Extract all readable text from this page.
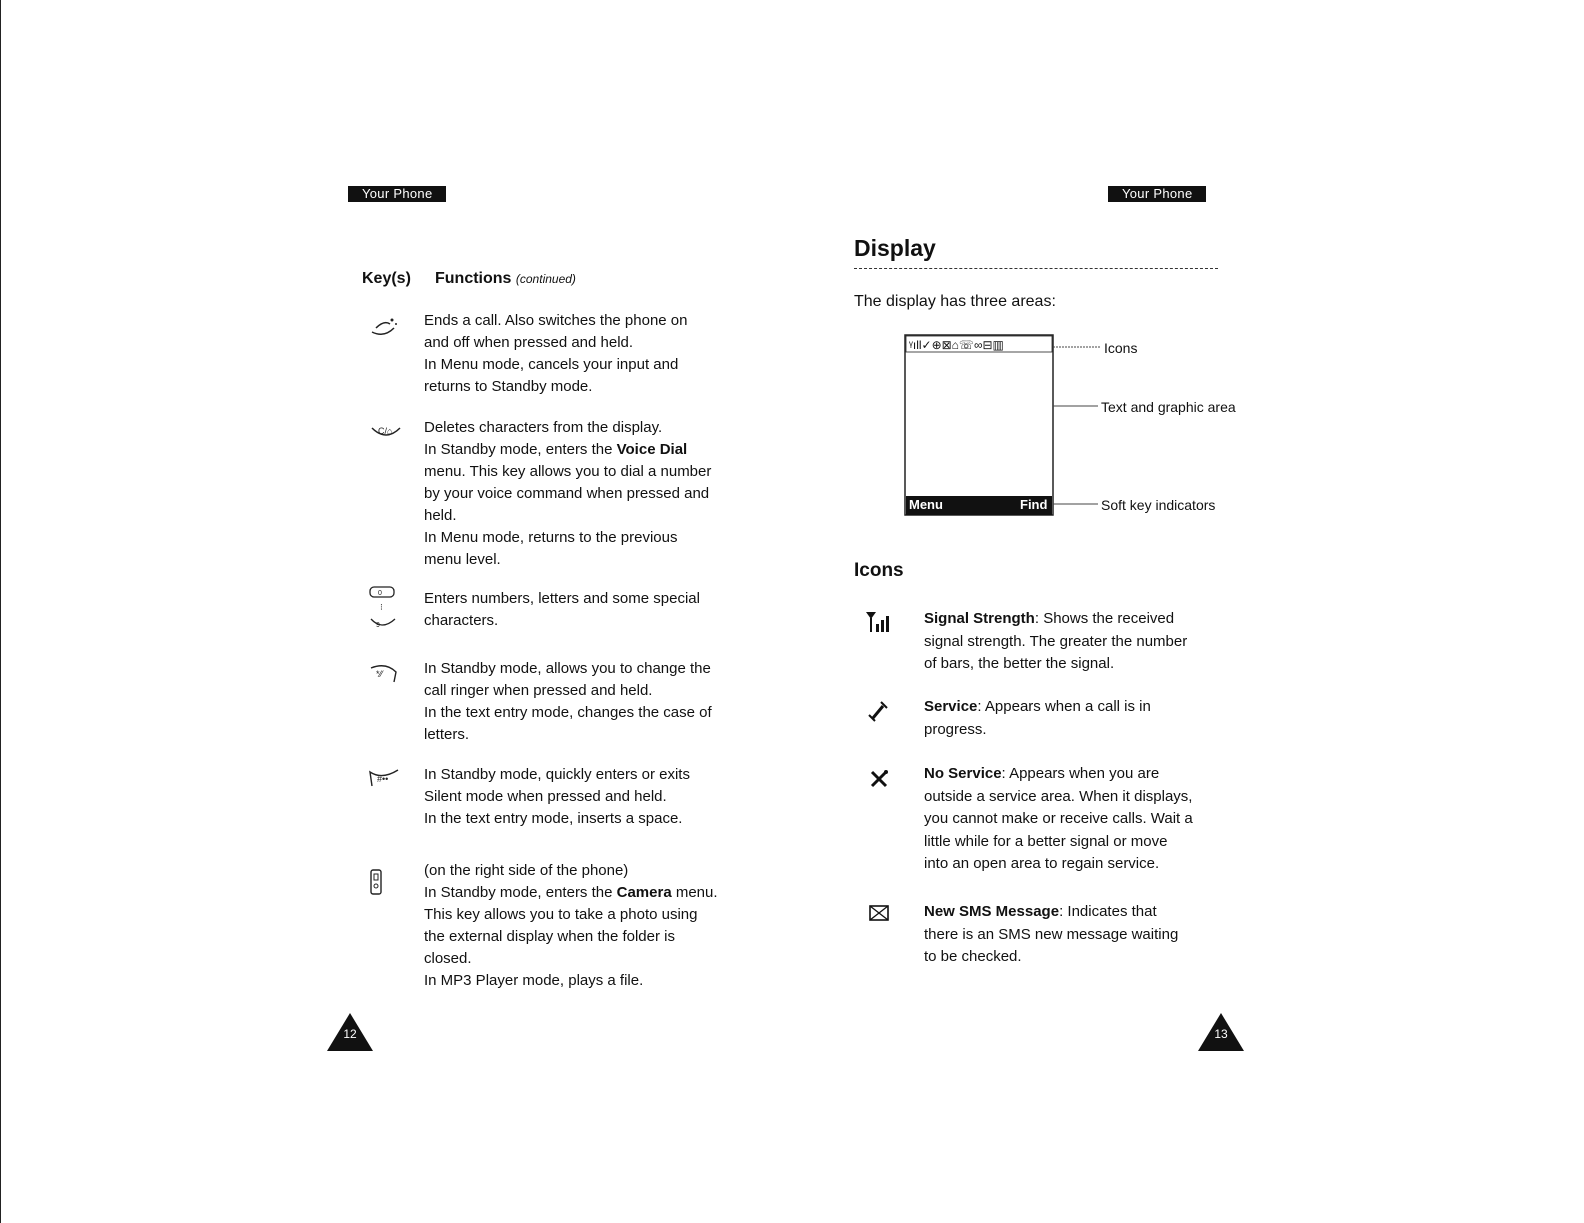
Your Phone
Key(s) Functions (continued)
Ends a call. Also switches the phone on
and off when pressed and held.
In Menu mode, cancels your input and
returns to Standby mode.
C/⌂ Deletes characters from the display.
In Standby mode, enters the Voice Dial
menu. This key allows you to dial a number
by your voice command when pressed and
held.
In Menu mode, returns to the previous
menu level.
0
⁝
9
Enters numbers, letters and some special
characters.
*⁄⁄	In Standby mode, allows you to change the
call ringer when pressed and held.
In the text entry mode, changes the case of
letters.
#•• In Standby mode, quickly enters or exits
Silent mode when pressed and held.
In the text entry mode, inserts a space.
(on the right side of the phone)
In Standby mode, enters the Camera menu.
This key allows you to take a photo using
the external display when the folder is
closed.
In MP3 Player mode, plays a file.
12
Your Phone
Display
The display has three areas:
ᵞıll✓⊕⊠⌂☏∞⊟▥
Menu	Find
Icons
Text and graphic area
Soft key indicators
Icons
Signal Strength: Shows the received
signal strength. The greater the number
of bars, the better the signal.
Service: Appears when a call is in
progress.
No Service: Appears when you are
outside a service area. When it displays,
you cannot make or receive calls. Wait a
little while for a better signal or move
into an open area to regain service.
New SMS Message: Indicates that
there is an SMS new message waiting
to be checked.
13
